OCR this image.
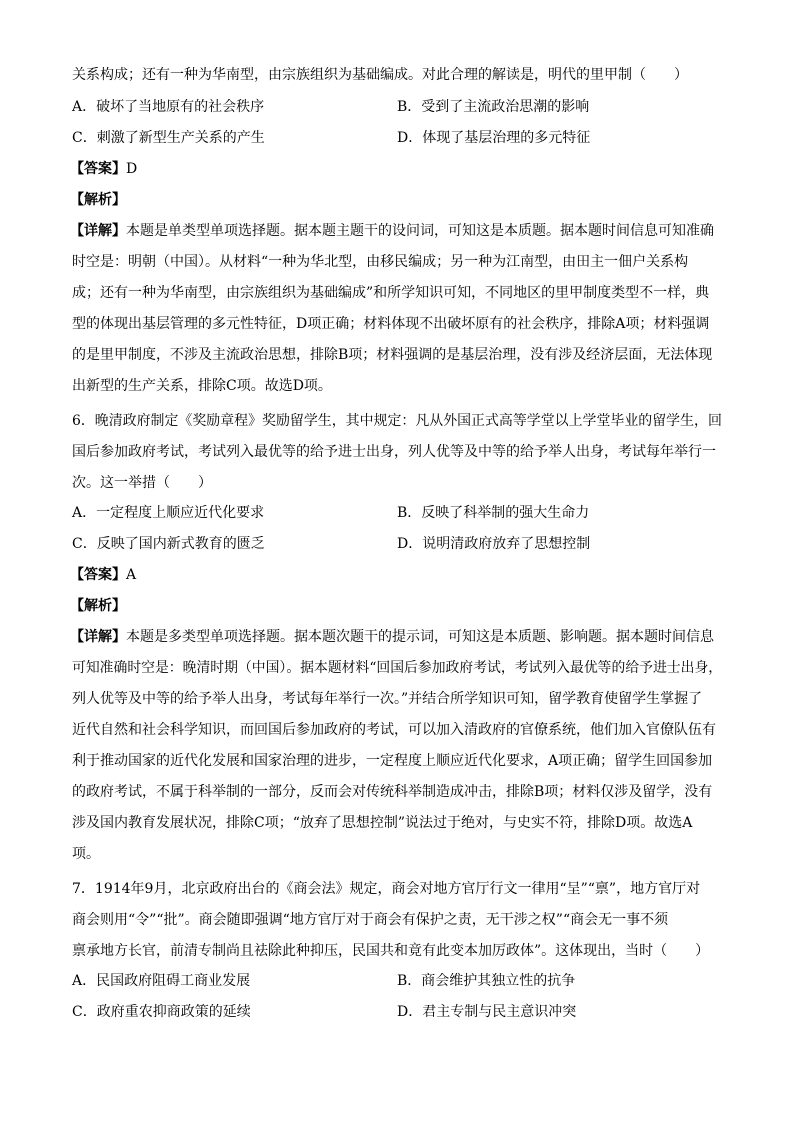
关系构成；还有一种为华南型，由宗族组织为基础编成。对此合理的解读是，明代的里甲制（　　）
A．破坏了当地原有的社会秩序	B．受到了主流政治思潮的影响
C．刺激了新型生产关系的产生	D．体现了基层治理的多元特征
【答案】D
【解析】
【详解】本题是单类型单项选择题。据本题主题干的设问词，可知这是本质题。据本题时间信息可知准确
时空是：明朝（中国）。从材料“一种为华北型，由移民编成；另一种为江南型，由田主一佃户关系构
成；还有一种为华南型，由宗族组织为基础编成”和所学知识可知，不同地区的里甲制度类型不一样，典
型的体现出基层管理的多元性特征，D项正确；材料体现不出破坏原有的社会秩序，排除A项；材料强调
的是里甲制度，不涉及主流政治思想，排除B项；材料强调的是基层治理，没有涉及经济层面，无法体现
出新型的生产关系，排除C项。故选D项。
6．晚清政府制定《奖励章程》奖励留学生，其中规定：凡从外国正式高等学堂以上学堂毕业的留学生，回
国后参加政府考试，考试列入最优等的给予进士出身，列人优等及中等的给予举人出身，考试每年举行一
次。这一举措（　　）
A．一定程度上顺应近代化要求	B．反映了科举制的强大生命力
C．反映了国内新式教育的匮乏	D．说明清政府放弃了思想控制
【答案】A
【解析】
【详解】本题是多类型单项选择题。据本题次题干的提示词，可知这是本质题、影响题。据本题时间信息
可知准确时空是：晚清时期（中国）。据本题材料“回国后参加政府考试，考试列入最优等的给予进士出身，
列人优等及中等的给予举人出身，考试每年举行一次。”并结合所学知识可知，留学教育使留学生掌握了
近代自然和社会科学知识，而回国后参加政府的考试，可以加入清政府的官僚系统，他们加入官僚队伍有
利于推动国家的近代化发展和国家治理的进步，一定程度上顺应近代化要求，A项正确；留学生回国参加
的政府考试，不属于科举制的一部分，反而会对传统科举制造成冲击，排除B项；材料仅涉及留学，没有
涉及国内教育发展状况，排除C项；“放弃了思想控制”说法过于绝对，与史实不符，排除D项。故选A
项。
7．1914年9月，北京政府出台的《商会法》规定，商会对地方官厅行文一律用“呈”“禀”，地方官厅对
商会则用“令”“批”。商会随即强调“地方官厅对于商会有保护之责，无干涉之权”“商会无一事不须
禀承地方长官，前清专制尚且祛除此种抑压，民国共和竟有此变本加厉政体”。这体现出，当时（　　）
A．民国政府阻碍工商业发展	B．商会维护其独立性的抗争
C．政府重农抑商政策的延续	D．君主专制与民主意识冲突
